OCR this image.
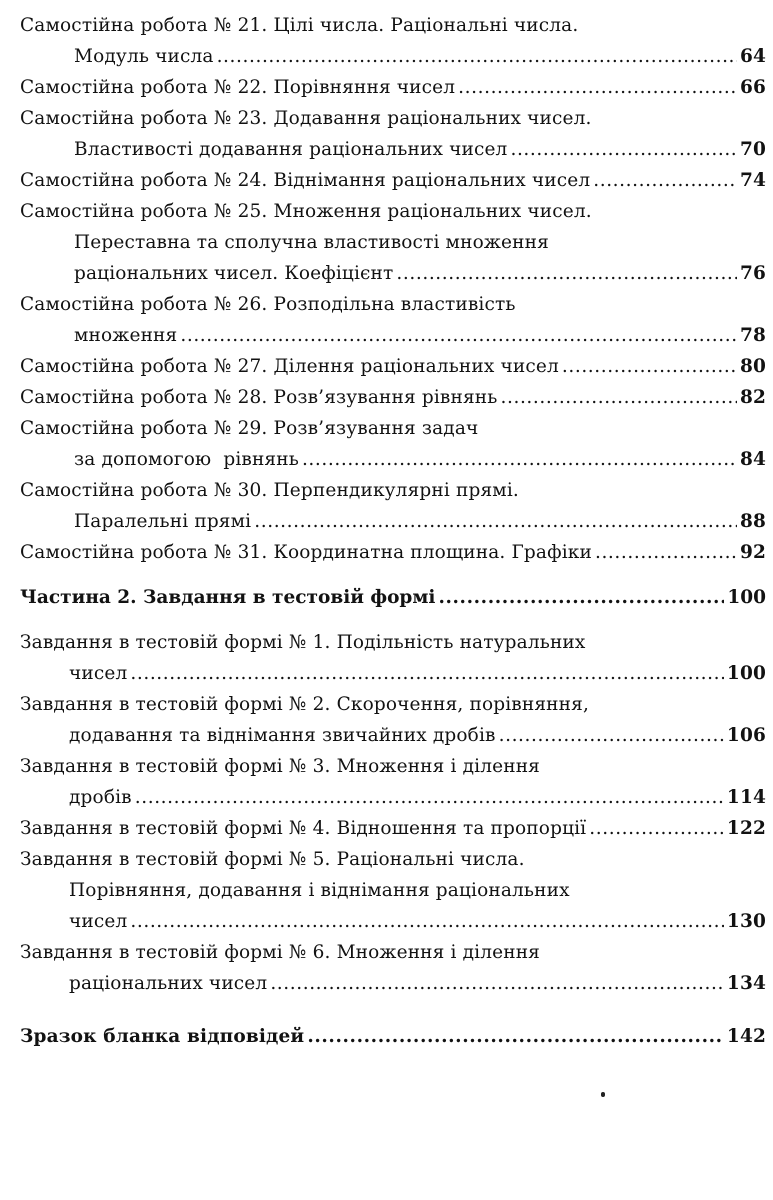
Самостійна робота № 21. Цілі числа. Раціональні числа.
Модуль числа .....	64
Самостійна робота № 22. Порівняння чисел .....	66
Самостійна робота № 23. Додавання раціональних чисел.
Властивості додавання раціональних чисел .....	70
Самостійна робота № 24. Віднімання раціональних чисел .....	74
Самостійна робота № 25. Множення раціональних чисел.
Переставна та сполучна властивості множення
раціональних чисел. Коефіцієнт .....	76
Самостійна робота № 26. Розподільна властивість
множення .....	78
Самостійна робота № 27. Ділення раціональних чисел .....	80
Самостійна робота № 28. Розв’язування рівнянь .....	82
Самостійна робота № 29. Розв’язування задач
за допомогою  рівнянь .....	84
Самостійна робота № 30. Перпендикулярні прямі.
Паралельні прямі .....	88
Самостійна робота № 31. Координатна площина. Графіки .....	92
Частина 2. Завдання в тестовій формі .....	100
Завдання в тестовій формі № 1. Подільність натуральних
чисел .....	100
Завдання в тестовій формі № 2. Скорочення, порівняння,
додавання та віднімання звичайних дробів .....	106
Завдання в тестовій формі № 3. Множення і ділення
дробів .....	114
Завдання в тестовій формі № 4. Відношення та пропорції .....	122
Завдання в тестовій формі № 5. Раціональні числа.
Порівняння, додавання і віднімання раціональних
чисел .....	130
Завдання в тестовій формі № 6. Множення і ділення
раціональних чисел .....	134
Зразок бланка відповідей .....	142
